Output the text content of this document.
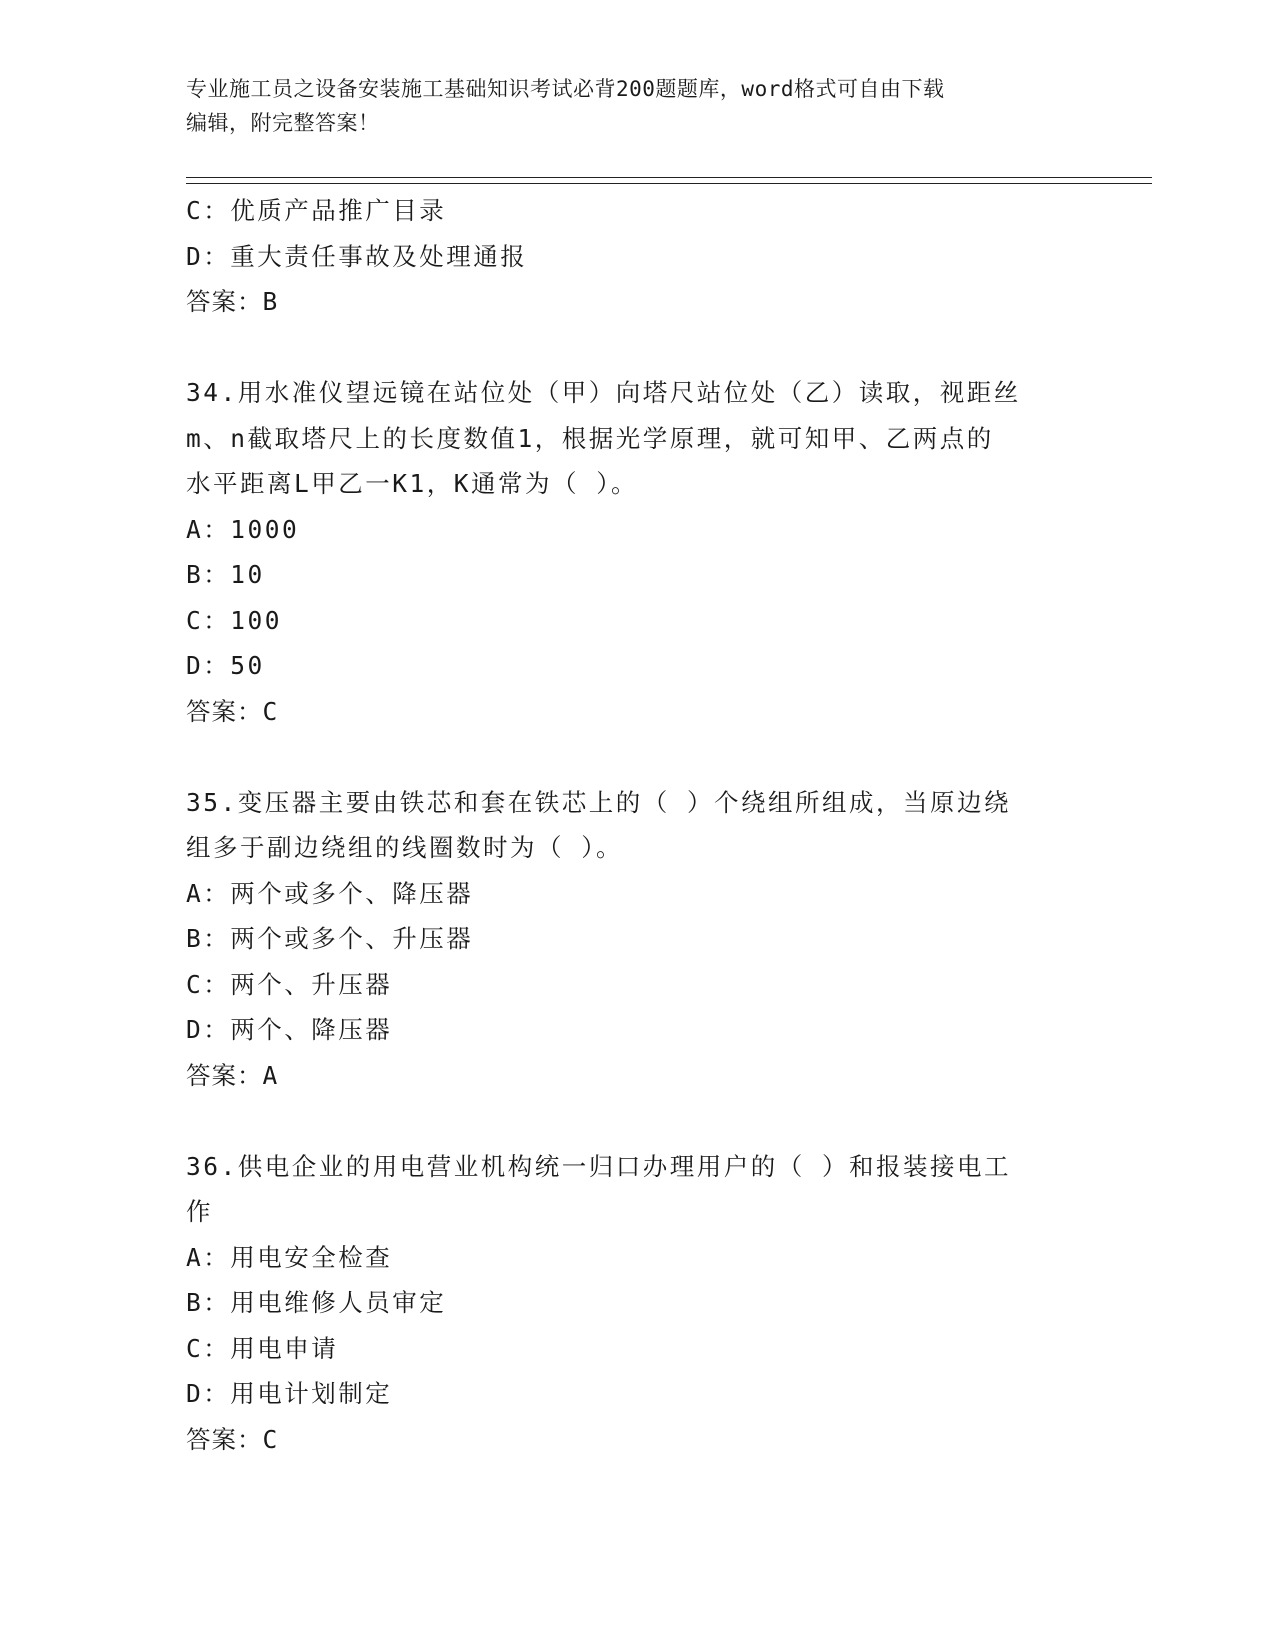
专业施工员之设备安装施工基础知识考试必背200题题库，word格式可自由下载
编辑，附完整答案！

C：优质产品推广目录

D：重大责任事故及处理通报

答案：B

34.用水准仪望远镜在站位处（甲）向塔尺站位处（乙）读取，视距丝

m、n截取塔尺上的长度数值1，根据光学原理，就可知甲、乙两点的

水平距离L甲乙一K1，K通常为（ ）。

A：1000

B：10

C：100

D：50

答案：C

35.变压器主要由铁芯和套在铁芯上的（ ）个绕组所组成，当原边绕

组多于副边绕组的线圈数时为（ ）。

A：两个或多个、降压器

B：两个或多个、升压器

C：两个、升压器

D：两个、降压器

答案：A

36.供电企业的用电营业机构统一归口办理用户的（ ）和报装接电工

作

A：用电安全检查

B：用电维修人员审定

C：用电申请

D：用电计划制定

答案：C
